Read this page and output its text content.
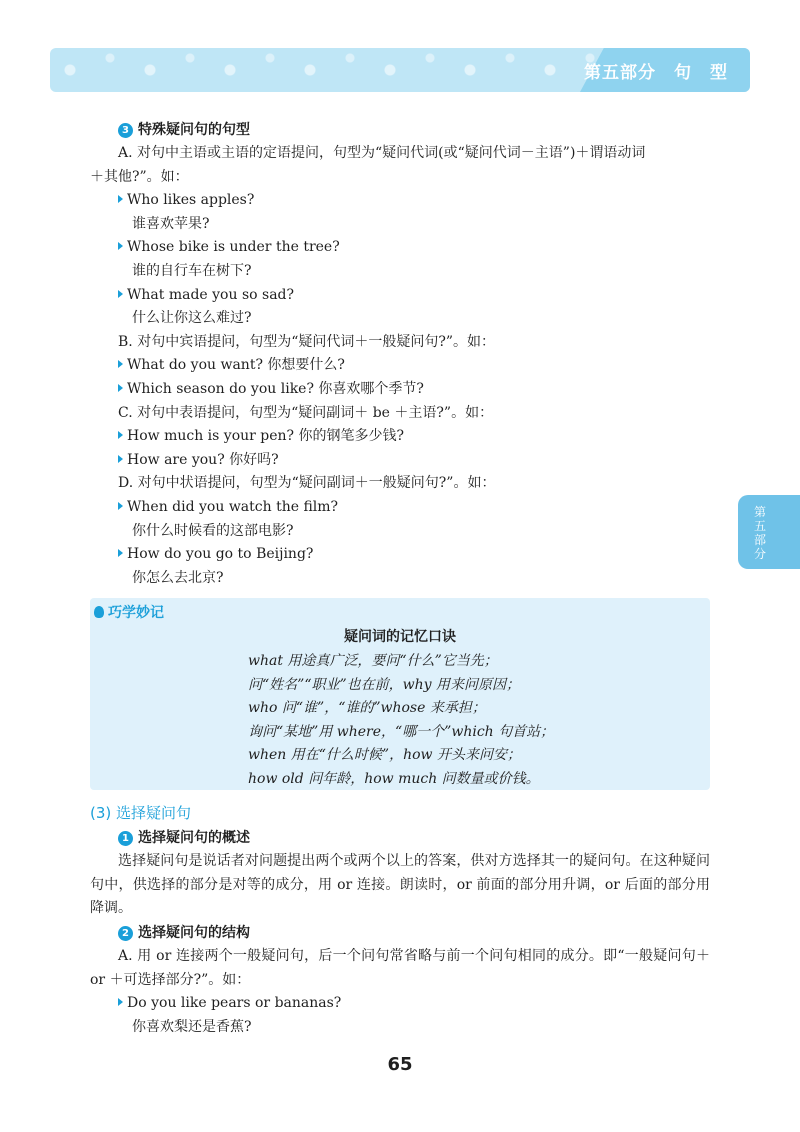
第五部分　句　型
第五部分
3 特殊疑问句的句型
A. 对句中主语或主语的定语提问，句型为“疑问代词(或“疑问代词－主语”)＋谓语动词
＋其他?”。如：
Who likes apples?
谁喜欢苹果?
Whose bike is under the tree?
谁的自行车在树下?
What made you so sad?
什么让你这么难过?
B. 对句中宾语提问，句型为“疑问代词＋一般疑问句?”。如：
What do you want? 你想要什么?
Which season do you like? 你喜欢哪个季节?
C. 对句中表语提问，句型为“疑问副词＋ be ＋主语?”。如：
How much is your pen? 你的钢笔多少钱?
How are you? 你好吗?
D. 对句中状语提问，句型为“疑问副词＋一般疑问句?”。如：
When did you watch the film?
你什么时候看的这部电影?
How do you go to Beijing?
你怎么去北京?
巧学妙记
疑问词的记忆口诀
what 用途真广泛，要问“什么”它当先；
问“姓名”“职业”也在前，why 用来问原因；
who 问“谁”，“谁的”whose 来承担；
询问“某地”用 where，“哪一个”which 句首站；
when 用在“什么时候”，how 开头来问安；
how old 问年龄，how much 问数量或价钱。
(3) 选择疑问句
1 选择疑问句的概述
选择疑问句是说话者对问题提出两个或两个以上的答案，供对方选择其一的疑问句。在这种疑问句中，供选择的部分是对等的成分，用 or 连接。朗读时，or 前面的部分用升调，or 后面的部分用降调。
2 选择疑问句的结构
A. 用 or 连接两个一般疑问句，后一个问句常省略与前一个问句相同的成分。即“一般疑问句＋ or ＋可选择部分?”。如：
Do you like pears or bananas?
你喜欢梨还是香蕉?
65
